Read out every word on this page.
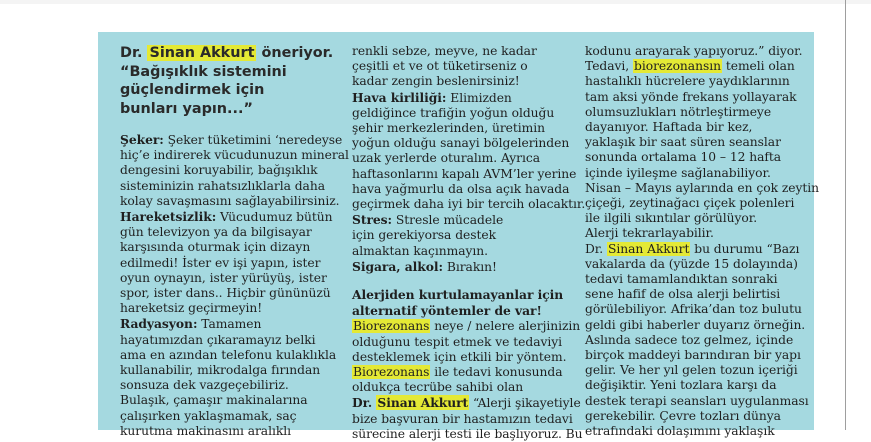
Dr. Sinan Akkurt öneriyor.
“Bağışıklık sistemini
güçlendirmek için
bunları yapın...”
Şeker: Şeker tüketimini ‘neredeyse
hiç’e indirerek vücudunuzun mineral
dengesini koruyabilir, bağışıklık
sisteminizin rahatsızlıklarla daha
kolay savaşmasını sağlayabilirsiniz.
Hareketsizlik: Vücudumuz bütün
gün televizyon ya da bilgisayar
karşısında oturmak için dizayn
edilmedi! İster ev işi yapın, ister
oyun oynayın, ister yürüyüş, ister
spor, ister dans.. Hiçbir gününüzü
hareketsiz geçirmeyin!
Radyasyon: Tamamen
hayatımızdan çıkaramayız belki
ama en azından telefonu kulaklıkla
kullanabilir, mikrodalga fırından
sonsuza dek vazgeçebiliriz.
Bulaşık, çamaşır makinalarına
çalışırken yaklaşmamak, saç
kurutma makinasını aralıklı
renkli sebze, meyve, ne kadar
çeşitli et ve ot tüketirseniz o
kadar zengin beslenirsiniz!
Hava kirliliği: Elimizden
geldiğince trafiğin yoğun olduğu
şehir merkezlerinden, üretimin
yoğun olduğu sanayi bölgelerinden
uzak yerlerde oturalım. Ayrıca
haftasonlarını kapalı AVM’ler yerine
hava yağmurlu da olsa açık havada
geçirmek daha iyi bir tercih olacaktır.
Stres: Stresle mücadele
için gerekiyorsa destek
almaktan kaçınmayın.
Sigara, alkol: Bırakın!
Alerjiden kurtulamayanlar için
alternatif yöntemler de var!
Biorezonans neye / nelere alerjinizin
olduğunu tespit etmek ve tedaviyi
desteklemek için etkili bir yöntem.
Biorezonans ile tedavi konusunda
oldukça tecrübe sahibi olan
Dr. Sinan Akkurt “Alerji şikayetiyle
bize başvuran bir hastamızın tedavi
sürecine alerji testi ile başlıyoruz. Bu
kodunu arayarak yapıyoruz.” diyor.
Tedavi, biorezonansın temeli olan
hastalıklı hücrelere yaydıklarının
tam aksi yönde frekans yollayarak
olumsuzlukları nötrleştirmeye
dayanıyor. Haftada bir kez,
yaklaşık bir saat süren seanslar
sonunda ortalama 10 – 12 hafta
içinde iyileşme sağlanabiliyor.
Nisan – Mayıs aylarında en çok zeytin
çiçeği, zeytinağacı çiçek polenleri
ile ilgili sıkıntılar görülüyor.
Alerji tekrarlayabilir.
Dr. Sinan Akkurt bu durumu “Bazı
vakalarda da (yüzde 15 dolayında)
tedavi tamamlandıktan sonraki
sene hafif de olsa alerji belirtisi
görülebiliyor. Afrika’dan toz bulutu
geldi gibi haberler duyarız örneğin.
Aslında sadece toz gelmez, içinde
birçok maddeyi barındıran bir yapı
gelir. Ve her yıl gelen tozun içeriği
değişiktir. Yeni tozlara karşı da
destek terapi seansları uygulanması
gerekebilir. Çevre tozları dünya
etrafındaki dolaşımını yaklaşık
